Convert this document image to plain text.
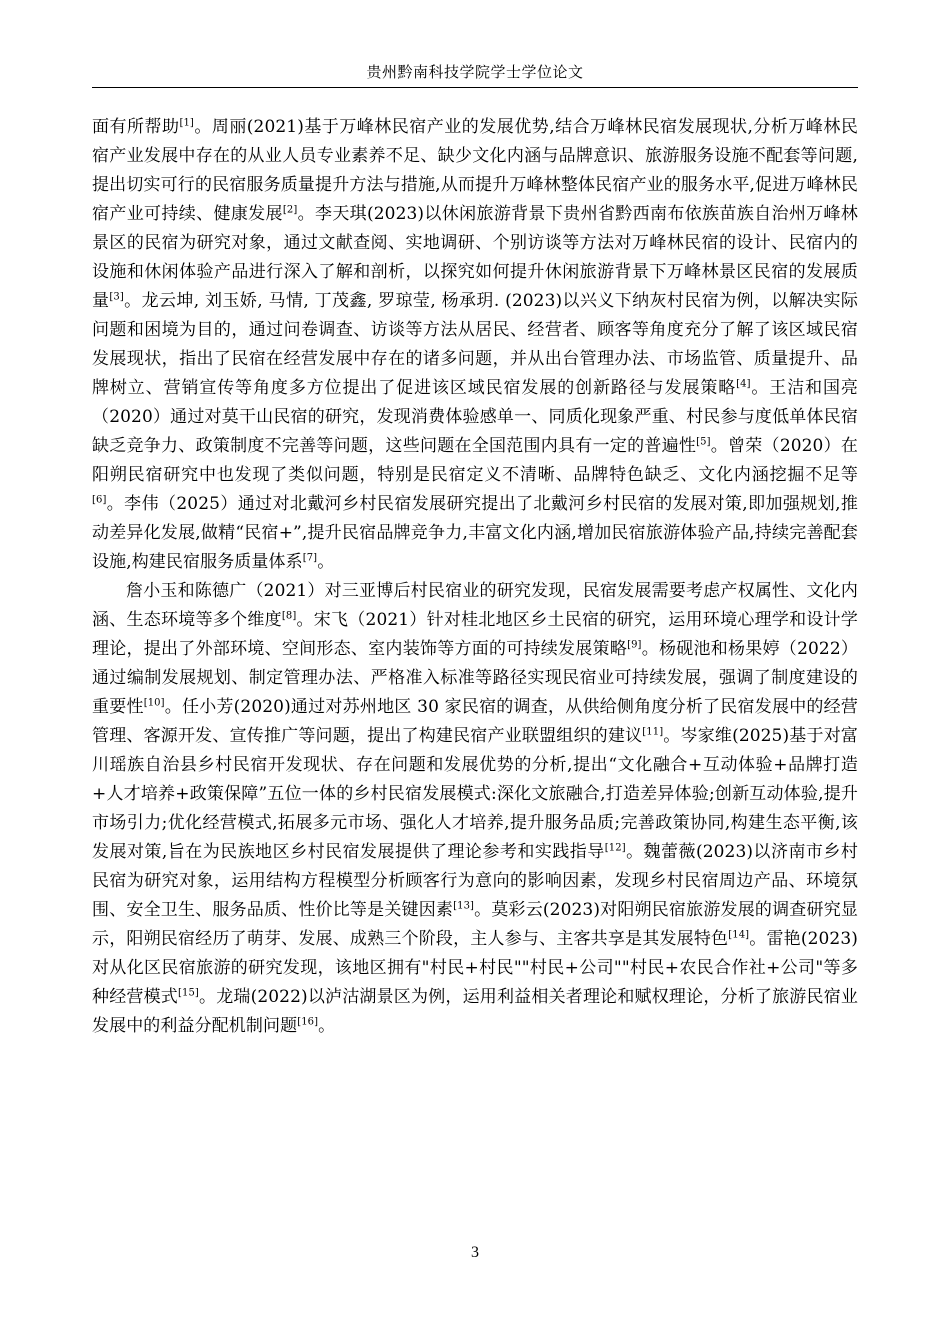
贵州黔南科技学院学士学位论文

面有所帮助[1]。周丽(2021)基于万峰林民宿产业的发展优势,结合万峰林民宿发展现状,分析万峰林民宿产业发展中存在的从业人员专业素养不足、缺少文化内涵与品牌意识、旅游服务设施不配套等问题,提出切实可行的民宿服务质量提升方法与措施,从而提升万峰林整体民宿产业的服务水平,促进万峰林民宿产业可持续、健康发展[2]。李天琪(2023)以休闲旅游背景下贵州省黔西南布依族苗族自治州万峰林景区的民宿为研究对象，通过文献查阅、实地调研、个别访谈等方法对万峰林民宿的设计、民宿内的设施和休闲体验产品进行深入了解和剖析，以探究如何提升休闲旅游背景下万峰林景区民宿的发展质量[3]。龙云坤, 刘玉娇, 马情, 丁茂鑫, 罗琼莹, 杨承玥. (2023)以兴义下纳灰村民宿为例，以解决实际问题和困境为目的，通过问卷调查、访谈等方法从居民、经营者、顾客等角度充分了解了该区域民宿发展现状，指出了民宿在经营发展中存在的诸多问题，并从出台管理办法、市场监管、质量提升、品牌树立、营销宣传等角度多方位提出了促进该区域民宿发展的创新路径与发展策略[4]。王洁和国亮（2020）通过对莫干山民宿的研究，发现消费体验感单一、同质化现象严重、村民参与度低单体民宿缺乏竞争力、政策制度不完善等问题，这些问题在全国范围内具有一定的普遍性[5]。曾荣（2020）在阳朔民宿研究中也发现了类似问题，特别是民宿定义不清晰、品牌特色缺乏、文化内涵挖掘不足等[6]。李伟（2025）通过对北戴河乡村民宿发展研究提出了北戴河乡村民宿的发展对策,即加强规划,推动差异化发展,做精“民宿+”,提升民宿品牌竞争力,丰富文化内涵,增加民宿旅游体验产品,持续完善配套设施,构建民宿服务质量体系[7]。

詹小玉和陈德广（2021）对三亚博后村民宿业的研究发现，民宿发展需要考虑产权属性、文化内涵、生态环境等多个维度[8]。宋飞（2021）针对桂北地区乡土民宿的研究，运用环境心理学和设计学理论，提出了外部环境、空间形态、室内装饰等方面的可持续发展策略[9]。杨砚池和杨果婷（2022）通过编制发展规划、制定管理办法、严格准入标准等路径实现民宿业可持续发展，强调了制度建设的重要性[10]。任小芳(2020)通过对苏州地区 30 家民宿的调查，从供给侧角度分析了民宿发展中的经营管理、客源开发、宣传推广等问题，提出了构建民宿产业联盟组织的建议[11]。岑家维(2025)基于对富川瑶族自治县乡村民宿开发现状、存在问题和发展优势的分析,提出“文化融合+互动体验+品牌打造+人才培养+政策保障”五位一体的乡村民宿发展模式:深化文旅融合,打造差异体验;创新互动体验,提升市场引力;优化经营模式,拓展多元市场、强化人才培养,提升服务品质;完善政策协同,构建生态平衡,该发展对策,旨在为民族地区乡村民宿发展提供了理论参考和实践指导[12]。魏蕾薇(2023)以济南市乡村民宿为研究对象，运用结构方程模型分析顾客行为意向的影响因素，发现乡村民宿周边产品、环境氛围、安全卫生、服务品质、性价比等是关键因素[13]。莫彩云(2023)对阳朔民宿旅游发展的调查研究显示，阳朔民宿经历了萌芽、发展、成熟三个阶段，主人参与、主客共享是其发展特色[14]。雷艳(2023)对从化区民宿旅游的研究发现，该地区拥有"村民+村民""村民+公司""村民+农民合作社+公司"等多种经营模式[15]。龙瑞(2022)以泸沽湖景区为例，运用利益相关者理论和赋权理论，分析了旅游民宿业发展中的利益分配机制问题[16]。

3
